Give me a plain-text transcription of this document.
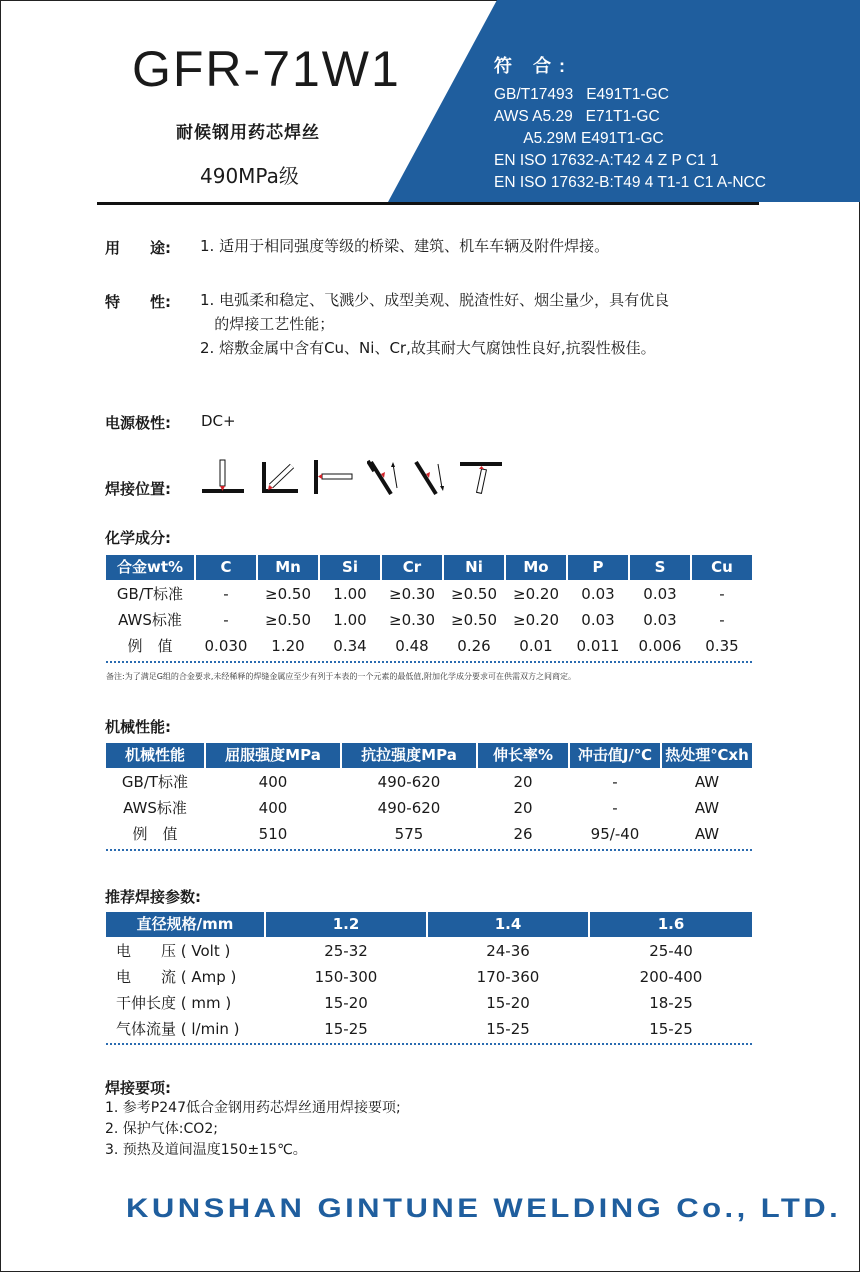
GFR-71W1
耐候钢用药芯焊丝
490MPa级
符 合:
GB/T17493   E491T1-GC
AWS A5.29   E71T1-GC
A5.29M E491T1-GC
EN ISO 17632-A:T42 4 Z P C1 1
EN ISO 17632-B:T49 4 T1-1 C1 A-NCC
用　　途: 1. 适用于相同强度等级的桥梁、建筑、机车车辆及附件焊接。
特　　性: 1. 电弧柔和稳定、飞溅少、成型美观、脱渣性好、烟尘量少，具有优良
的焊接工艺性能；
2. 熔敷金属中含有Cu、Ni、Cr,故其耐大气腐蚀性良好,抗裂性极佳。
电源极性: DC+
焊接位置:
化学成分:
合金wt%	C	Mn	Si	Cr	Ni	Mo	P	S	Cu
GB/T标准	-	≥0.50	1.00	≥0.30	≥0.50	≥0.20	0.03	0.03	-
AWS标准	-	≥0.50	1.00	≥0.30	≥0.50	≥0.20	0.03	0.03	-
例　值	0.030	1.20	0.34	0.48	0.26	0.01	0.011	0.006	0.35
备注:为了满足G组的合金要求,未经稀释的焊缝金属应至少有列于本表的一个元素的最低值,附加化学成分要求可在供需双方之间商定。
机械性能:
机械性能	屈服强度MPa	抗拉强度MPa	伸长率%	冲击值J/℃ 热处理℃xh
GB/T标准	400	490-620	20	-	AW
AWS标准	400	490-620	20	-	AW
例　值	510	575	26	95/-40	AW
推荐焊接参数:
直径规格/mm	1.2	1.4	1.6
电　　压 ( Volt )	25-32	24-36	25-40
电　　流 ( Amp )	150-300	170-360	200-400
干伸长度 ( mm )	15-20	15-20	18-25
气体流量 ( l/min )	15-25	15-25	15-25
焊接要项:
1. 参考P247低合金钢用药芯焊丝通用焊接要项;
2. 保护气体:CO2;
3. 预热及道间温度150±15℃。
KUNSHAN GINTUNE WELDING Co., LTD.
